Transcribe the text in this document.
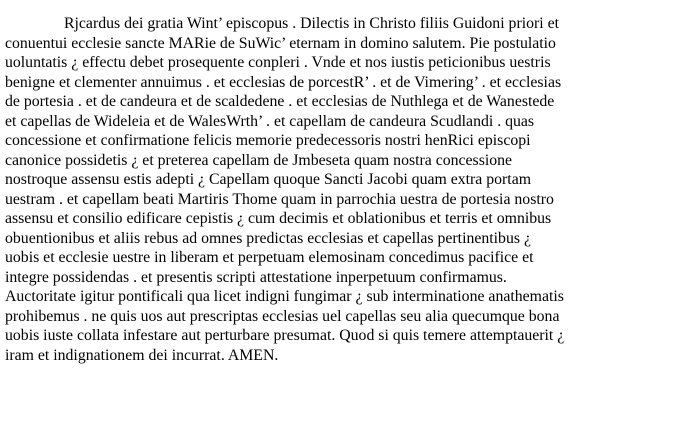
Rjcardus dei gratia Wint’ episcopus . Dilectis in Christo filiis Guidoni priori et
conuentui ecclesie sancte MARie de SuWic’ eternam in domino salutem. Pie postulatio
uoluntatis ¿ effectu debet prosequente conpleri . Vnde et nos iustis peticionibus uestris
benigne et clementer annuimus . et ecclesias de porcestR’ . et de Vimering’ . et ecclesias
de portesia . et de candeura et de scaldedene . et ecclesias de Nuthlega et de Wanestede
et capellas de Wideleia et de WalesWrth’ . et capellam de candeura Scudlandi . quas
concessione et confirmatione felicis memorie predecessoris nostri henRici episcopi
canonice possidetis ¿ et preterea capellam de Jmbeseta quam nostra concessione
nostroque assensu estis adepti ¿ Capellam quoque Sancti Jacobi quam extra portam
uestram . et capellam beati Martiris Thome quam in parrochia uestra de portesia nostro
assensu et consilio edificare cepistis ¿ cum decimis et oblationibus et terris et omnibus
obuentionibus et aliis rebus ad omnes predictas ecclesias et capellas pertinentibus ¿
uobis et ecclesie uestre in liberam et perpetuam elemosinam concedimus pacifice et
integre possidendas . et presentis scripti attestatione inperpetuum confirmamus.
Auctoritate igitur pontificali qua licet indigni fungimar ¿ sub interminatione anathematis
prohibemus . ne quis uos aut prescriptas ecclesias uel capellas seu alia quecumque bona
uobis iuste collata infestare aut perturbare presumat. Quod si quis temere attemptauerit ¿
iram et indignationem dei incurrat. AMEN.
